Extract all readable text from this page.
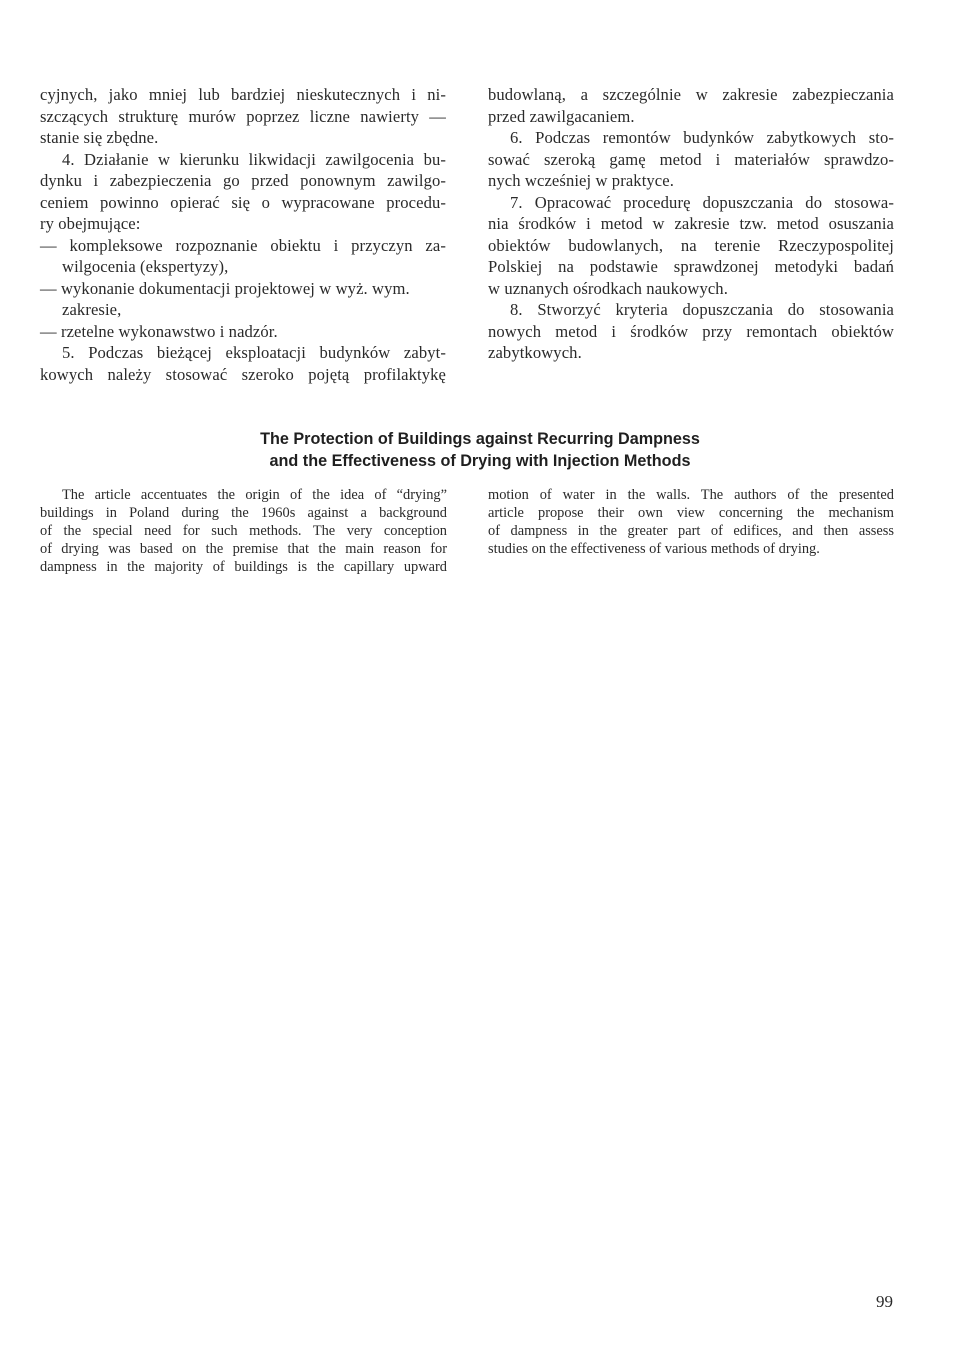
cyjnych, jako mniej lub bardziej nieskutecznych i ni-
szczących strukturę murów poprzez liczne nawierty —
stanie się zbędne.
4. Działanie w kierunku likwidacji zawilgocenia bu-
dynku i zabezpieczenia go przed ponownym zawilgo-
ceniem powinno opierać się o wypracowane procedu-
ry obejmujące:
— kompleksowe rozpoznanie obiektu i przyczyn za-
wilgocenia (ekspertyzy),
— wykonanie dokumentacji projektowej w wyż. wym.
zakresie,
— rzetelne wykonawstwo i nadzór.
5. Podczas bieżącej eksploatacji budynków zabyt-
kowych należy stosować szeroko pojętą profilaktykę
budowlaną, a szczególnie w zakresie zabezpieczania
przed zawilgacaniem.
6. Podczas remontów budynków zabytkowych sto-
sować szeroką gamę metod i materiałów sprawdzo-
nych wcześniej w praktyce.
7. Opracować procedurę dopuszczania do stosowa-
nia środków i metod w zakresie tzw. metod osuszania
obiektów budowlanych, na terenie Rzeczypospolitej
Polskiej na podstawie sprawdzonej metodyki badań
w uznanych ośrodkach naukowych.
8. Stworzyć kryteria dopuszczania do stosowania
nowych metod i środków przy remontach obiektów
zabytkowych.
The Protection of Buildings against Recurring Dampness
and the Effectiveness of Drying with Injection Methods
The article accentuates the origin of the idea of “drying”
buildings in Poland during the 1960s against a background
of the special need for such methods. The very conception
of drying was based on the premise that the main reason for
dampness in the majority of buildings is the capillary upward
motion of water in the walls. The authors of the presented
article propose their own view concerning the mechanism
of dampness in the greater part of edifices, and then assess
studies on the effectiveness of various methods of drying.
99
